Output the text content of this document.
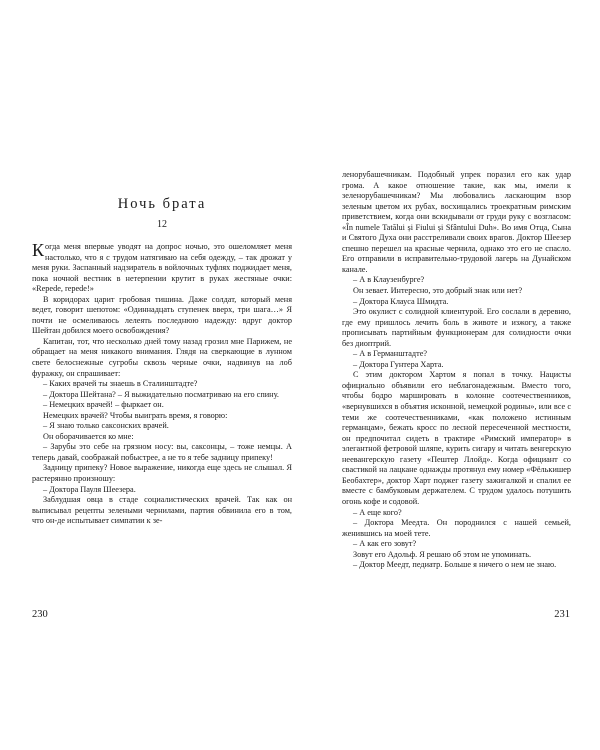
Ночь брата
12

Когда меня впервые уводят на допрос ночью, это ошеломляет меня настолько, что я с трудом натягиваю на себя одежду, – так дрожат у меня руки. Заспанный надзиратель в войлочных туфлях поджидает меня, пока ночной вестник в нетерпении крутит в руках жестяные очки: «Repede, repede!»

В коридорах царит гробовая тишина. Даже солдат, который меня ведет, говорит шепотом: «Одиннадцать ступенек вверх, три шага…» Я почти не осмеливаюсь лелеять последнюю надежду: вдруг доктор Шейтан добился моего освобождения?

Капитан, тот, что несколько дней тому назад грозил мне Парижем, не обращает на меня никакого внимания. Глядя на сверкающие в лунном свете белоснежные сугробы сквозь черные очки, надвинув на лоб фуражку, он спрашивает:

– Каких врачей ты знаешь в Сталинштадте?

– Доктора Шейтана? – Я выжидательно посматриваю на его спину.

– Немецких врачей! – фыркает он.

Немецких врачей? Чтобы выиграть время, я говорю:

– Я знаю только саксонских врачей.

Он оборачивается ко мне:

– Зарубы это себе на грязном носу: вы, саксонцы, – тоже немцы. А теперь давай, соображай побыстрее, а не то я тебе задницу припеку!

Задницу припеку? Новое выражение, никогда еще здесь не слышал. Я растерянно произношу:

– Доктора Пауля Шеезера.

Заблудшая овца в стаде социалистических врачей. Так как он выписывал рецепты зелеными чернилами, партия обвинила его в том, что он-де испытывает симпатии к зе-

230

ленорубашечникам. Подобный упрек поразил его как удар грома. А какое отношение такие, как мы, имели к зеленорубашечникам? Мы любовались ласкающим взор зеленым цветом их рубах, восхищались троекратным римским приветствием, когда они вскидывали от груди руку с возгласом: «În numele Tatălui și Fiului și Sfântului Duh». Во имя Отца, Сына и Святого Духа они расстреливали своих врагов. Доктор Шеезер спешно перешел на красные чернила, однако это его не спасло. Его отправили в исправительно-трудовой лагерь на Дунайском канале.

– А в Клаузенбурге?

Он зевает. Интересно, это добрый знак или нет?

– Доктора Клауса Шмидта.

Это окулист с солидной клиентурой. Его сослали в деревню, где ему пришлось лечить боль в животе и изжогу, а также прописывать партийным функционерам для солидности очки без диоптрий.

– А в Германштадте?

– Доктора Гунтера Харта.

С этим доктором Хартом я попал в точку. Нацисты официально объявили его неблагонадежным. Вместо того, чтобы бодро маршировать в колонне соотечественников, «вернувшихся в объятия исконной, немецкой родины», или все с теми же соотечественниками, «как положено истинным германцам», бежать кросс по лесной пересеченной местности, он предпочитал сидеть в трактире «Римский император» в элегантной фетровой шляпе, курить сигару и читать венгерскую неевангерскую газету «Пештер Ллойд». Когда официант со свастикой на лацкане однажды протянул ему номер «Фёлькишер Беобахтер», доктор Харт поджег газету зажигалкой и спалил ее вместе с бамбуковым держателем. С трудом удалось потушить огонь кофе и содовой.

– А еще кого?

– Доктора Меедта. Он породнился с нашей семьей, женившись на моей тете.

– А как его зовут?

Зовут его Адольф. Я решаю об этом не упоминать.

– Доктор Меедт, педиатр. Больше я ничего о нем не знаю.

231
